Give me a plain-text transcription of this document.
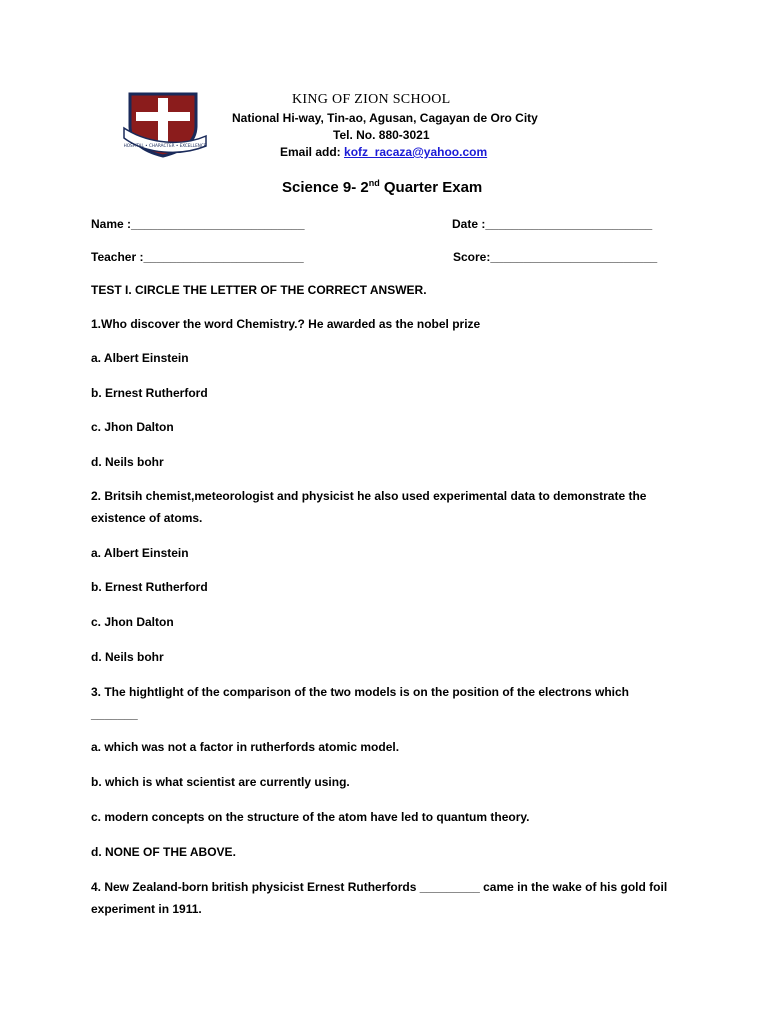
HOSPITAL • CHARACTER • EXCELLENCE
KING OF ZION SCHOOL
National Hi-way, Tin-ao, Agusan, Cagayan de Oro City
Tel. No. 880-3021
Email add: kofz_racaza@yahoo.com
Science 9- 2nd Quarter Exam
Name :__________________________	Date :_________________________
Teacher :________________________	Score:_________________________
TEST I. CIRCLE THE LETTER OF THE CORRECT ANSWER.
1.Who discover the word Chemistry.? He awarded as the nobel prize
a. Albert Einstein
b. Ernest Rutherford
c. Jhon Dalton
d. Neils bohr
2. Britsih chemist,meteorologist and physicist he also used experimental data to demonstrate the existence of atoms.
a. Albert Einstein
b. Ernest Rutherford
c. Jhon Dalton
d. Neils bohr
3. The hightlight of the comparison of the two models is on the position of the electrons which _______
a. which was not a factor in rutherfords atomic model.
b. which is what scientist are currently using.
c. modern concepts on the structure of the atom have led to quantum theory.
d. NONE OF THE ABOVE.
4. New Zealand-born british physicist Ernest Rutherfords _________ came in the wake of his gold foil experiment in 1911.
